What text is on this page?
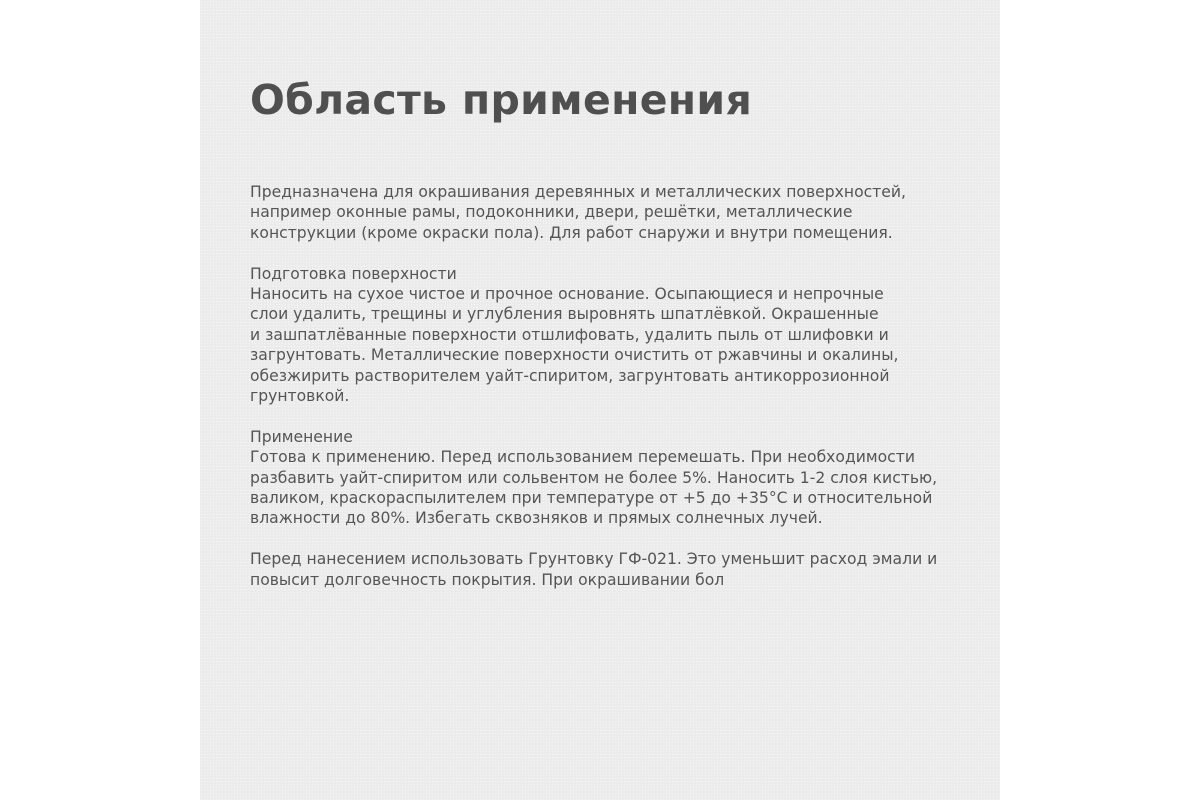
Область применения

Предназначена для окрашивания деревянных и металлических поверхностей,
например оконные рамы, подоконники, двери, решётки, металлические
конструкции (кроме окраски пола). Для работ снаружи и внутри помещения.

Подготовка поверхности
Наносить на сухое чистое и прочное основание. Осыпающиеся и непрочные
слои удалить, трещины и углубления выровнять шпатлёвкой. Окрашенные
и зашпатлёванные поверхности отшлифовать, удалить пыль от шлифовки и
загрунтовать. Металлические поверхности очистить от ржавчины и окалины,
обезжирить растворителем уайт-спиритом, загрунтовать антикоррозионной
грунтовкой.

Применение
Готова к применению. Перед использованием перемешать. При необходимости
разбавить уайт-спиритом или сольвентом не более 5%. Наносить 1-2 слоя кистью,
валиком, краскораспылителем при температуре от +5 до +35°C и относительной
влажности до 80%. Избегать сквозняков и прямых солнечных лучей.

Перед нанесением использовать Грунтовку ГФ-021. Это уменьшит расход эмали и
повысит долговечность покрытия. При окрашивании бол
